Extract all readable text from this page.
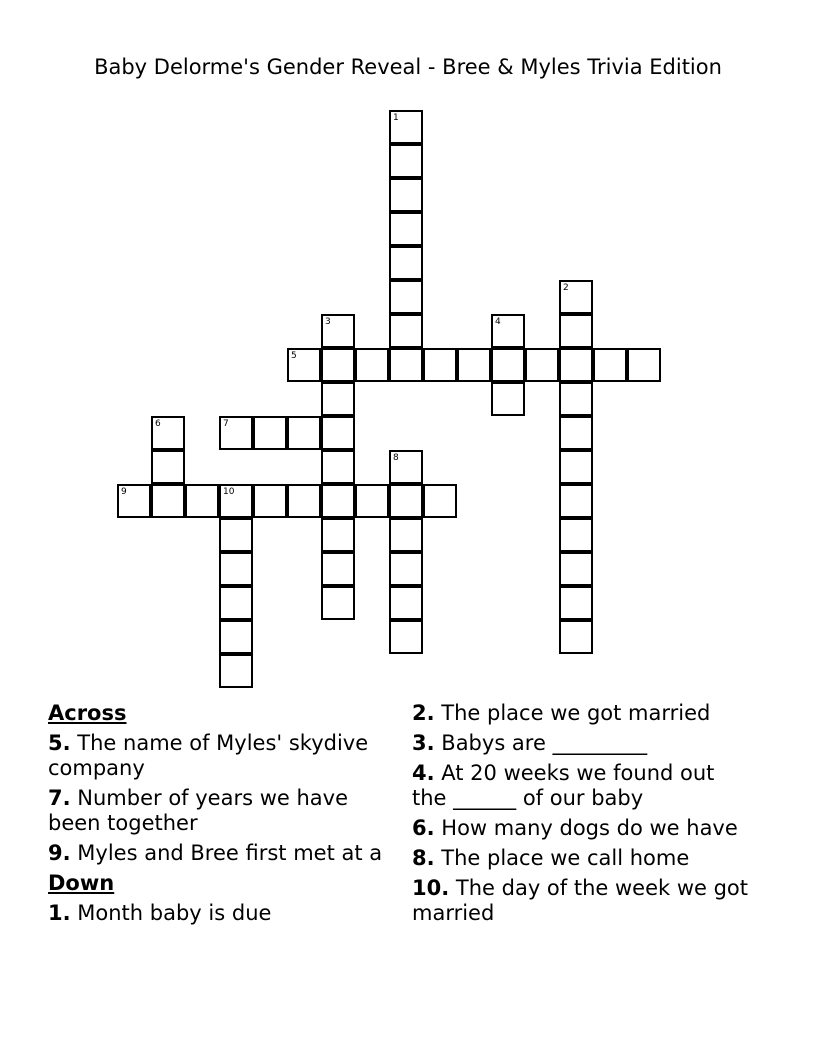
Baby Delorme's Gender Reveal - Bree & Myles Trivia Edition
1
2
3	4
5
6	7
8
9	10
Across
5. The name of Myles' skydive company
7. Number of years we have been together
9. Myles and Bree first met at a
Down
1. Month baby is due
2. The place we got married
3. Babys are _________
4. At 20 weeks we found out the ______ of our baby
6. How many dogs do we have
8. The place we call home
10. The day of the week we got married
